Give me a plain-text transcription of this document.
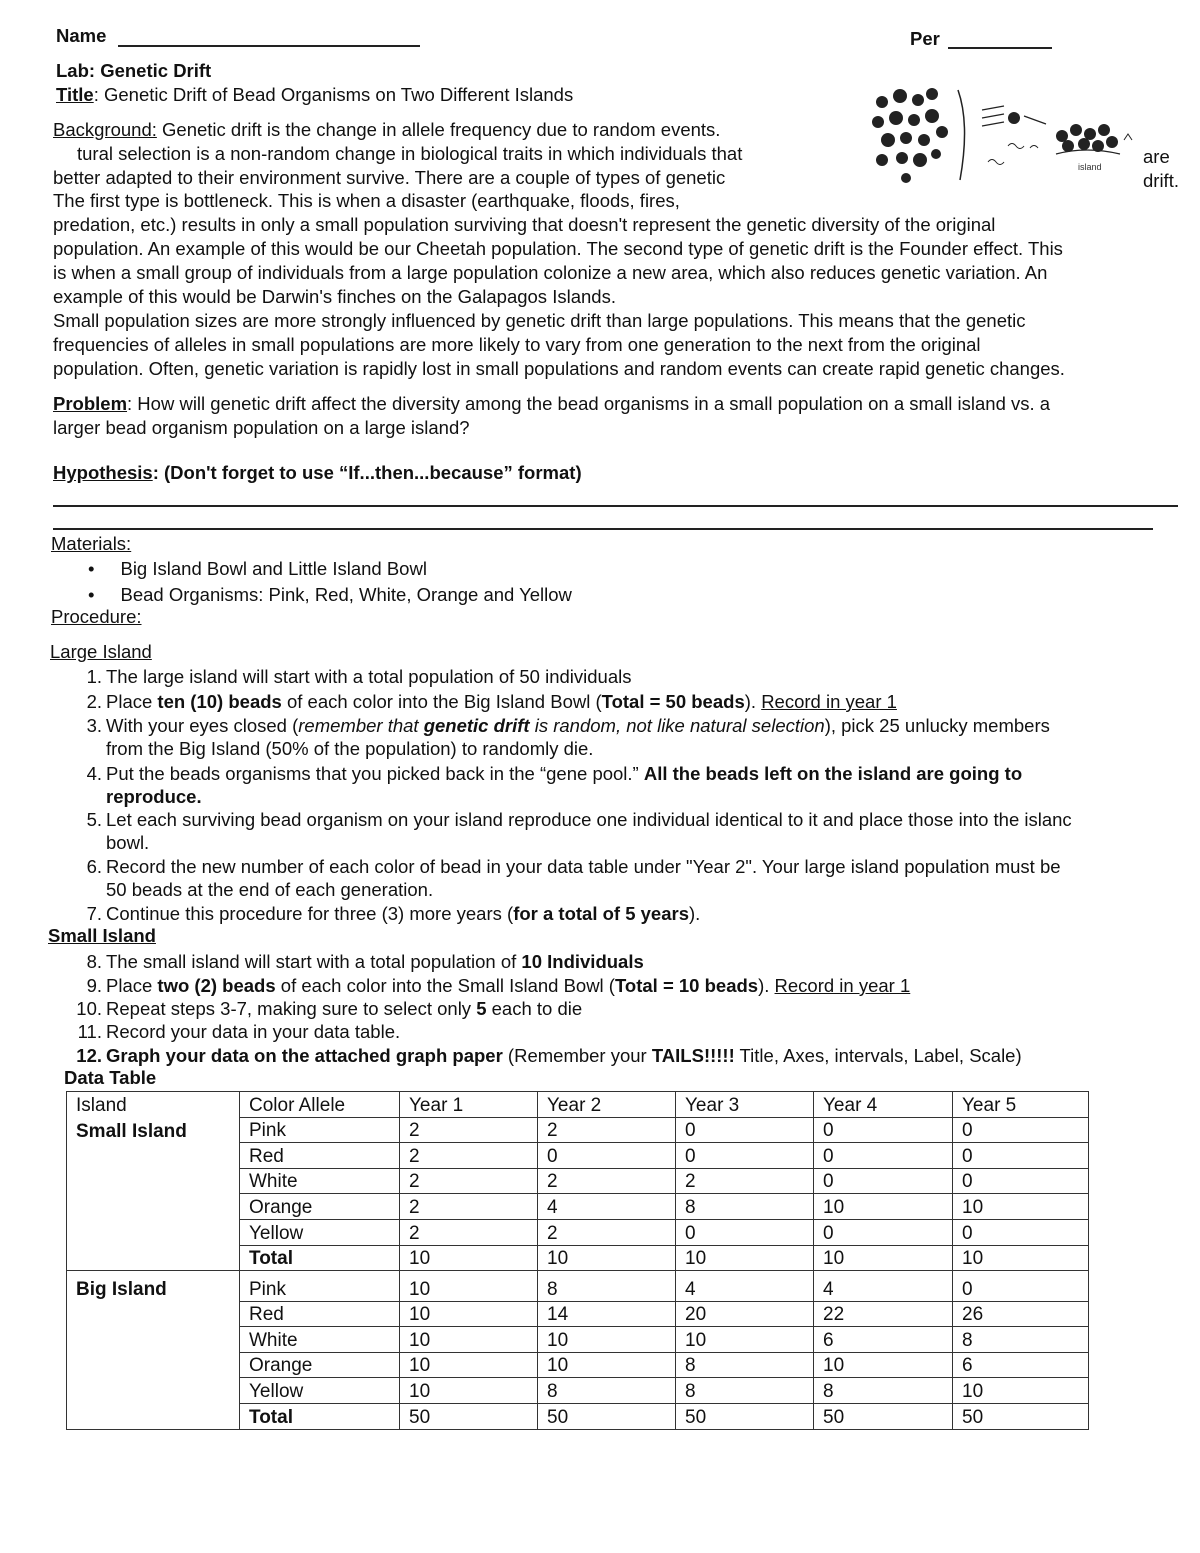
Name	Per
Lab: Genetic Drift
Title: Genetic Drift of Bead Organisms on Two Different Islands
Background: Genetic drift is the change in allele frequency due to random events.
tural selection is a non-random change in biological traits in which individuals that
better adapted to their environment survive. There are a couple of types of genetic
The first type is bottleneck. This is when a disaster (earthquake, floods, fires,
predation, etc.) results in only a small population surviving that doesn't represent the genetic diversity of the original
population. An example of this would be our Cheetah population. The second type of genetic drift is the Founder effect. This
is when a small group of individuals from a large population colonize a new area, which also reduces genetic variation. An
example of this would be Darwin's finches on the Galapagos Islands.
Small population sizes are more strongly influenced by genetic drift than large populations. This means that the genetic
frequencies of alleles in small populations are more likely to vary from one generation to the next from the original
population. Often, genetic variation is rapidly lost in small populations and random events can create rapid genetic changes.
are
drift.
island
Problem: How will genetic drift affect the diversity among the bead organisms in a small population on a small island vs. a
larger bead organism population on a large island?
Hypothesis: (Don't forget to use “If...then...because” format)
Materials:
• Big Island Bowl and Little Island Bowl
• Bead Organisms: Pink, Red, White, Orange and Yellow
Procedure:
Large Island
1. The large island will start with a total population of 50 individuals
2. Place ten (10) beads of each color into the Big Island Bowl (Total = 50 beads). Record in year 1
3. With your eyes closed (remember that genetic drift is random, not like natural selection), pick 25 unlucky members
from the Big Island (50% of the population) to randomly die.
4. Put the beads organisms that you picked back in the “gene pool.” All the beads left on the island are going to
reproduce.
5. Let each surviving bead organism on your island reproduce one individual identical to it and place those into the islanc
bowl.
6. Record the new number of each color of bead in your data table under "Year 2". Your large island population must be
50 beads at the end of each generation.
7. Continue this procedure for three (3) more years (for a total of 5 years).
Small Island
8. The small island will start with a total population of 10 Individuals
9. Place two (2) beads of each color into the Small Island Bowl (Total = 10 beads). Record in year 1
10. Repeat steps 3-7, making sure to select only 5 each to die
11. Record your data in your data table.
12. Graph your data on the attached graph paper (Remember your TAILS!!!!! Title, Axes, intervals, Label, Scale)
Data Table
Island	Color Allele	Year 1	Year 2	Year 3	Year 4	Year 5
Small Island	Pink	2	2	0	0	0
	Red	2	0	0	0	0
	White	2	2	2	0	0
	Orange	2	4	8	10	10
	Yellow	2	2	0	0	0
	Total	10	10	10	10	10
Big Island	Pink	10	8	4	4	0
	Red	10	14	20	22	26
	White	10	10	10	6	8
	Orange	10	10	8	10	6
	Yellow	10	8	8	8	10
	Total	50	50	50	50	50
